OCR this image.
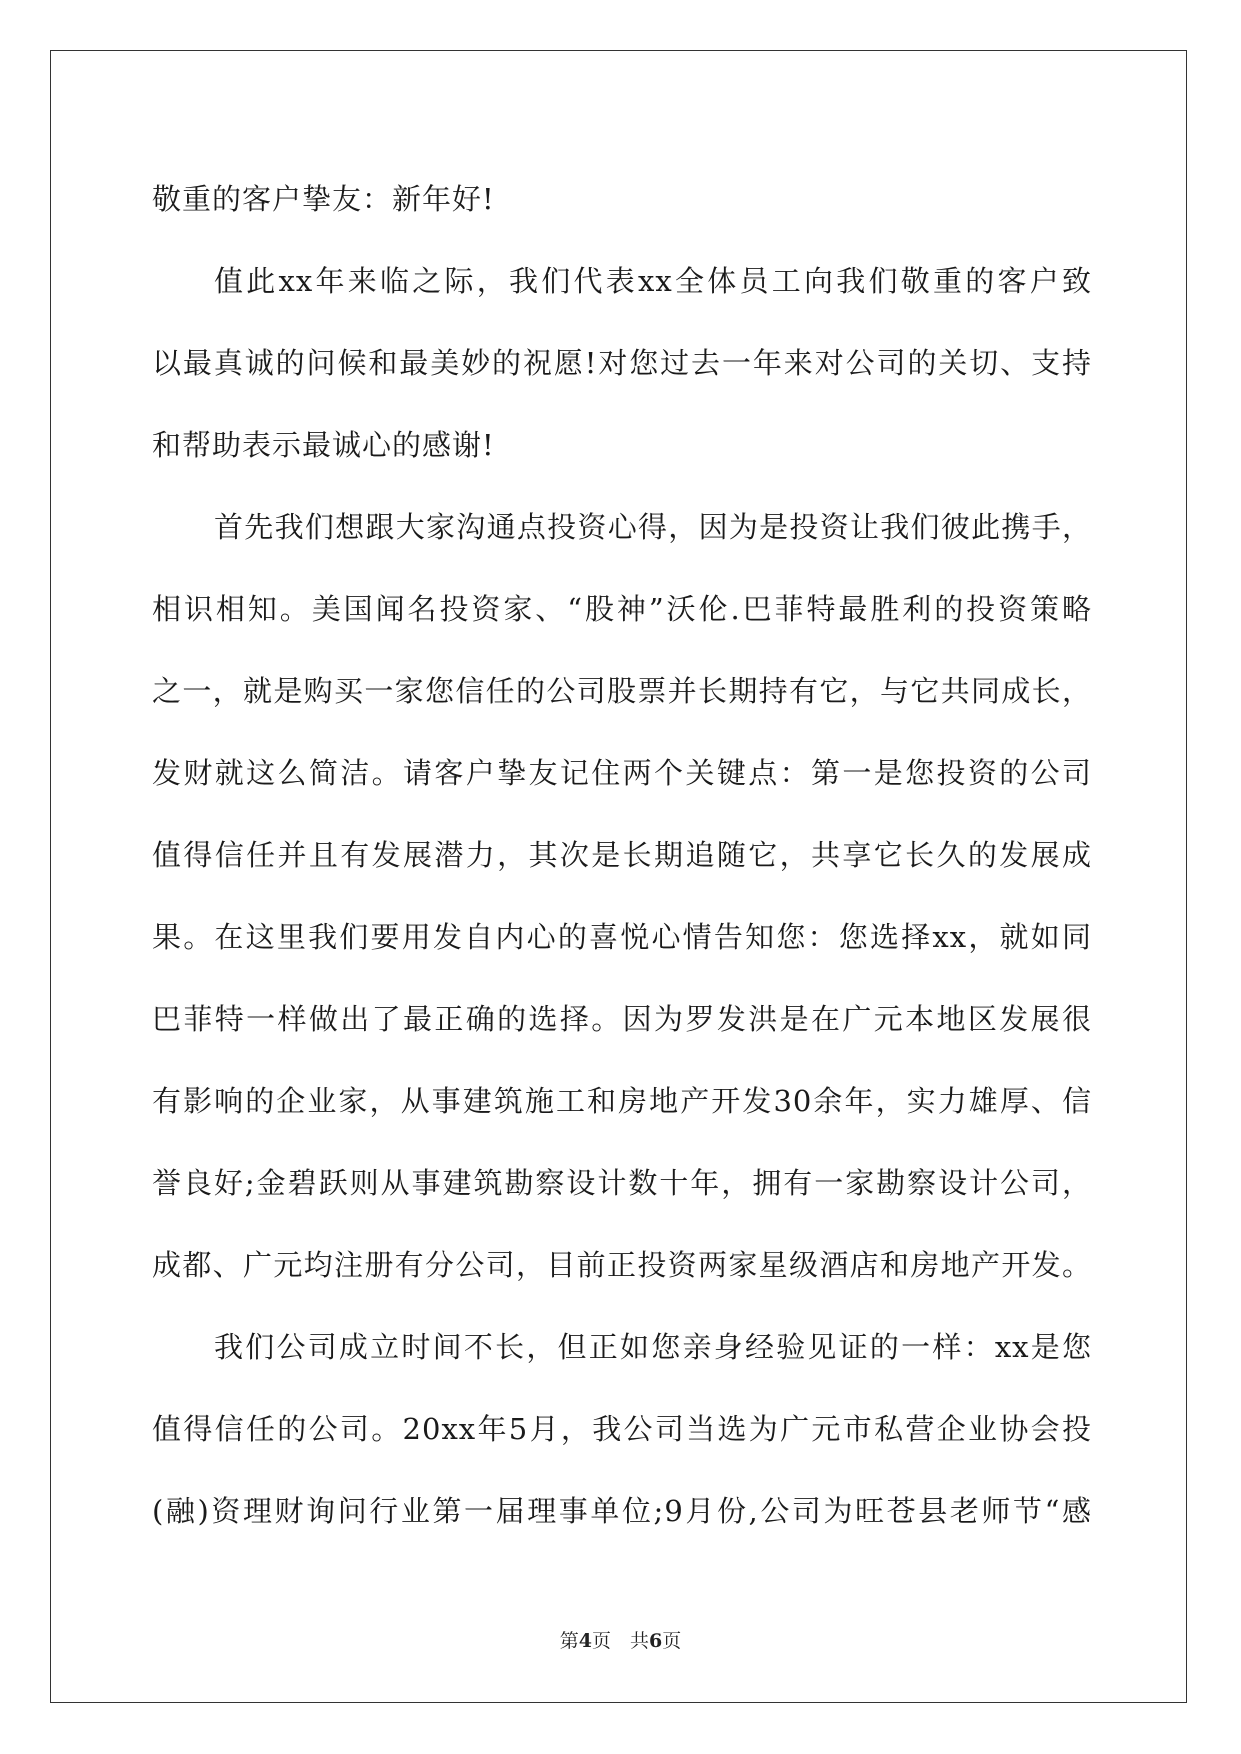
敬重的客户挚友：新年好!
值此xx年来临之际，我们代表xx全体员工向我们敬重的客户致
以最真诚的问候和最美妙的祝愿!对您过去一年来对公司的关切、支持
和帮助表示最诚心的感谢!
首先我们想跟大家沟通点投资心得，因为是投资让我们彼此携手，
相识相知。美国闻名投资家、“股神”沃伦.巴菲特最胜利的投资策略
之一，就是购买一家您信任的公司股票并长期持有它，与它共同成长，
发财就这么简洁。请客户挚友记住两个关键点：第一是您投资的公司
值得信任并且有发展潜力，其次是长期追随它，共享它长久的发展成
果。在这里我们要用发自内心的喜悦心情告知您：您选择xx，就如同
巴菲特一样做出了最正确的选择。因为罗发洪是在广元本地区发展很
有影响的企业家，从事建筑施工和房地产开发30余年，实力雄厚、信
誉良好;金碧跃则从事建筑勘察设计数十年，拥有一家勘察设计公司，
成都、广元均注册有分公司，目前正投资两家星级酒店和房地产开发。
我们公司成立时间不长，但正如您亲身经验见证的一样：xx是您
值得信任的公司。20xx年5月，我公司当选为广元市私营企业协会投
(融)资理财询问行业第一届理事单位;9月份,公司为旺苍县老师节“感
第4页　共6页
